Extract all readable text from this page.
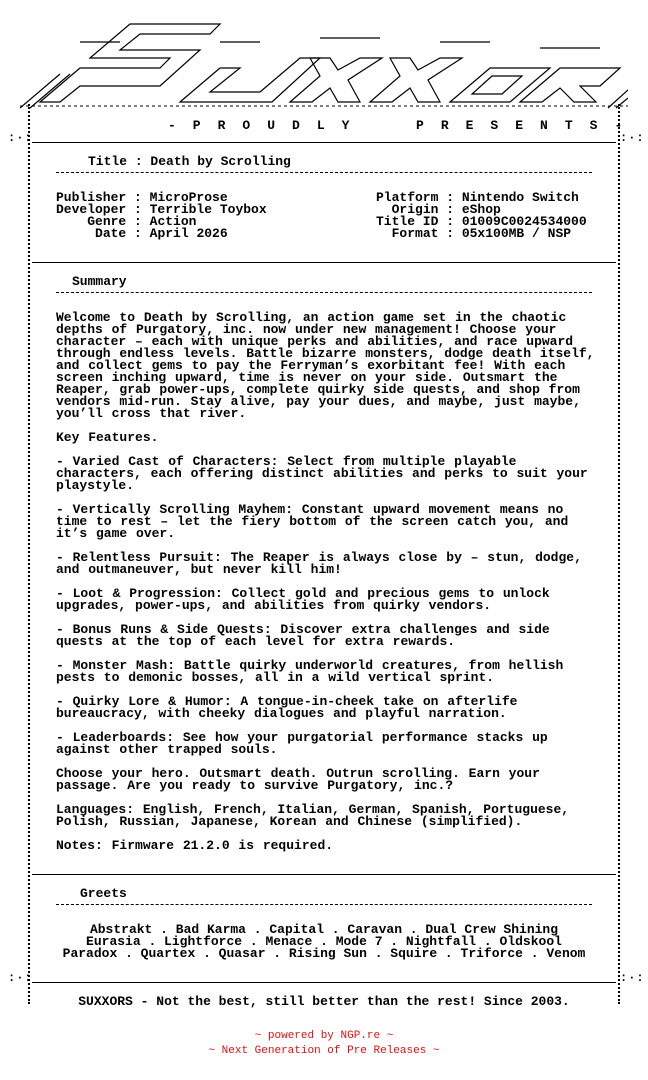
:·:	:·:
:·:	:·:
- P R O U D L Y     P R E S E N T S -
Title : Death by Scrolling
Publisher : MicroProse
Developer : Terrible Toybox
Genre : Action
Date : April 2026
Platform : Nintendo Switch
Origin : eShop
Title ID : 01009C0024534000
Format : 05x100MB / NSP
Summary
Welcome to Death by Scrolling, an action game set in the chaotic depths of Purgatory, inc. now under new management! Choose your character – each with unique perks and abilities, and race upward through endless levels. Battle bizarre monsters, dodge death itself, and collect gems to pay the Ferryman’s exorbitant fee! With each screen inching upward, time is never on your side. Outsmart the Reaper, grab power-ups, complete quirky side quests, and shop from vendors mid-run. Stay alive, pay your dues, and maybe, just maybe, you’ll cross that river.
Key Features.
- Varied Cast of Characters: Select from multiple playable characters, each offering distinct abilities and perks to suit your playstyle.
- Vertically Scrolling Mayhem: Constant upward movement means no time to rest – let the fiery bottom of the screen catch you, and it’s game over.
- Relentless Pursuit: The Reaper is always close by – stun, dodge, and outmaneuver, but never kill him!
- Loot & Progression: Collect gold and precious gems to unlock upgrades, power-ups, and abilities from quirky vendors.
- Bonus Runs & Side Quests: Discover extra challenges and side quests at the top of each level for extra rewards.
- Monster Mash: Battle quirky underworld creatures, from hellish pests to demonic bosses, all in a wild vertical sprint.
- Quirky Lore & Humor: A tongue-in-cheek take on afterlife bureaucracy, with cheeky dialogues and playful narration.
- Leaderboards: See how your purgatorial performance stacks up against other trapped souls.
Choose your hero. Outsmart death. Outrun scrolling. Earn your passage. Are you ready to survive Purgatory, inc.?
Languages: English, French, Italian, German, Spanish, Portuguese, Polish, Russian, Japanese, Korean and Chinese (simplified).
Notes: Firmware 21.2.0 is required.
Greets
Abstrakt . Bad Karma . Capital . Caravan . Dual Crew Shining
Eurasia . Lightforce . Menace . Mode 7 . Nightfall . Oldskool
Paradox . Quartex . Quasar . Rising Sun . Squire . Triforce . Venom
SUXXORS - Not the best, still better than the rest! Since 2003.
~ powered by NGP.re ~
~ Next Generation of Pre Releases ~
